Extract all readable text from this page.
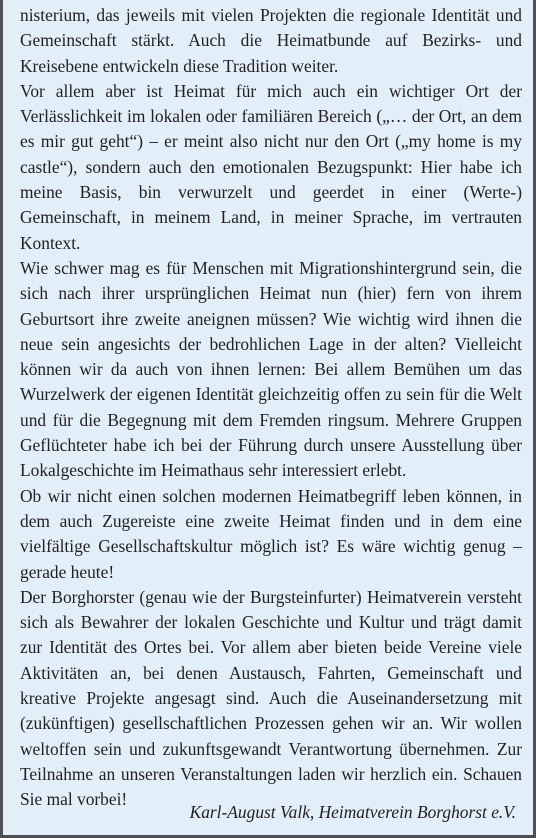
nisterium, das jeweils mit vielen Projekten die regionale Identität und Gemeinschaft stärkt. Auch die Heimatbunde auf Bezirks- und Kreisebene entwickeln diese Tradition weiter.

Vor allem aber ist Heimat für mich auch ein wichtiger Ort der Verlässlichkeit im lokalen oder familiären Bereich („… der Ort, an dem es mir gut geht“) – er meint also nicht nur den Ort („my home is my castle“), sondern auch den emotionalen Bezugspunkt: Hier habe ich meine Basis, bin verwurzelt und geerdet in einer (Werte-) Gemeinschaft, in meinem Land, in meiner Sprache, im vertrauten Kontext.

Wie schwer mag es für Menschen mit Migrationshintergrund sein, die sich nach ihrer ursprünglichen Heimat nun (hier) fern von ihrem Geburtsort ihre zweite aneignen müssen? Wie wichtig wird ihnen die neue sein angesichts der bedrohlichen Lage in der alten? Vielleicht können wir da auch von ihnen lernen: Bei allem Bemühen um das Wurzelwerk der eigenen Identität gleichzeitig offen zu sein für die Welt und für die Begegnung mit dem Fremden ringsum. Mehrere Gruppen Geflüchteter habe ich bei der Führung durch unsere Ausstellung über Lokalgeschichte im Heimathaus sehr interessiert erlebt.

Ob wir nicht einen solchen modernen Heimatbegriff leben können, in dem auch Zugereiste eine zweite Heimat finden und in dem eine vielfältige Gesellschaftskultur möglich ist? Es wäre wichtig genug – gerade heute!

Der Borghorster (genau wie der Burgsteinfurter) Heimatverein versteht sich als Bewahrer der lokalen Geschichte und Kultur und trägt damit zur Identität des Ortes bei. Vor allem aber bieten beide Vereine viele Aktivitäten an, bei denen Austausch, Fahrten, Gemeinschaft und kreative Projekte angesagt sind. Auch die Auseinandersetzung mit (zukünftigen) gesellschaftlichen Prozessen gehen wir an. Wir wollen weltoffen sein und zukunftsgewandt Verantwortung übernehmen. Zur Teilnahme an unseren Veranstaltungen laden wir herzlich ein. Schauen Sie mal vorbei!

Karl-August Valk, Heimatverein Borghorst e.V.
